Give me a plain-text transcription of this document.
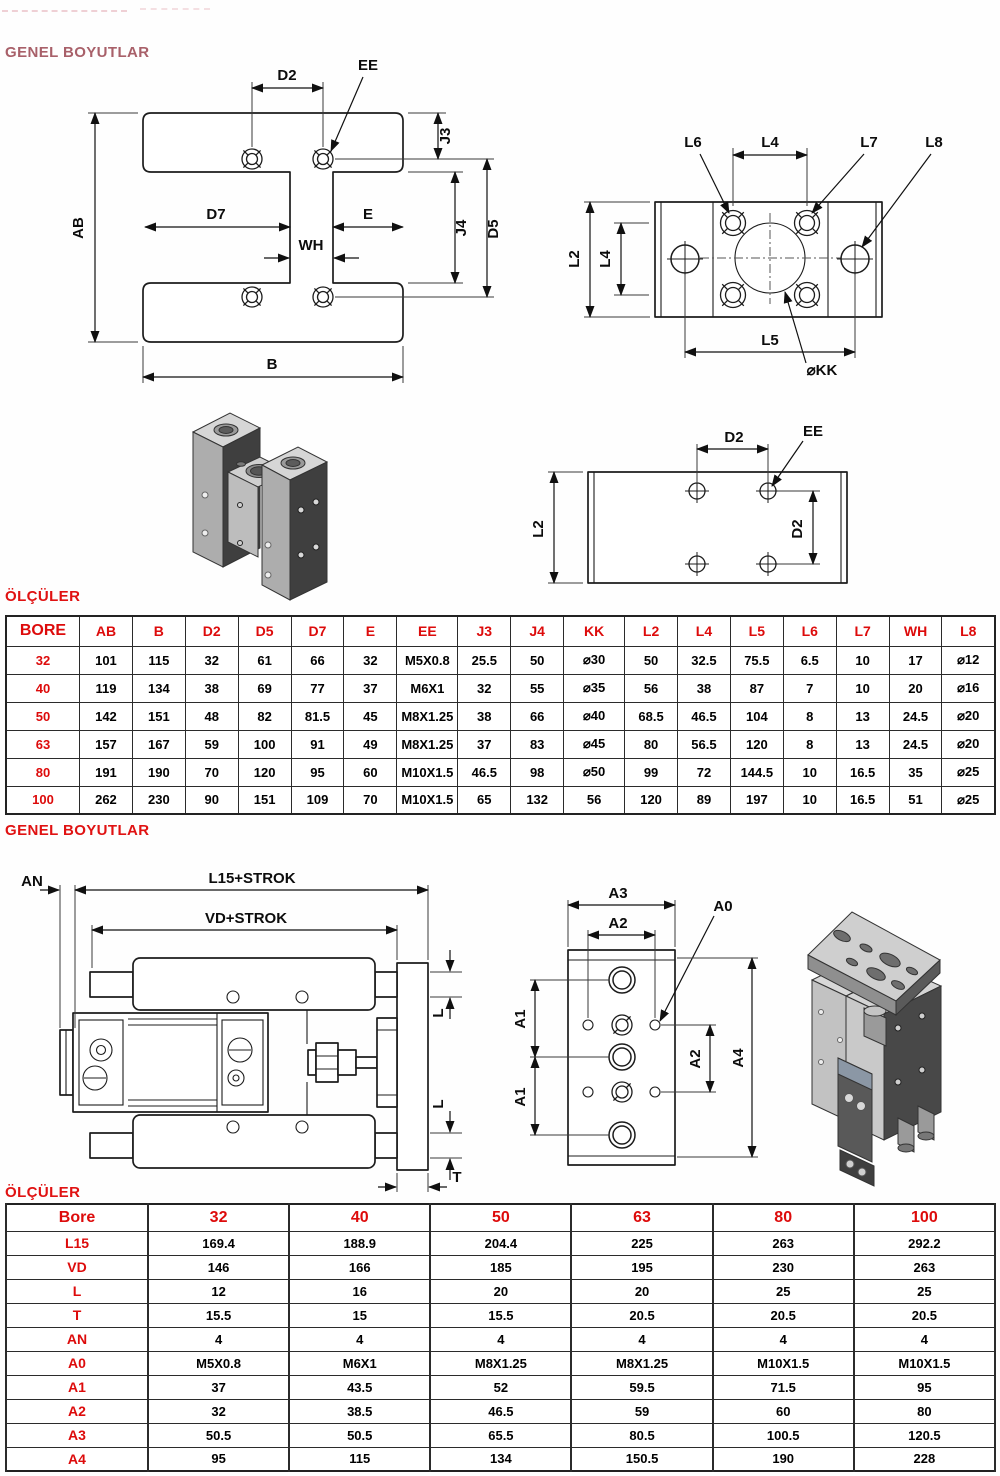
GENEL BOYUTLAR
ÖLÇÜLER
GENEL BOYUTLAR
ÖLÇÜLER
D2
EE
AB
J3
J4 D5
D7	E
WH
B
L4
L6	L7	L8
L2 L4
L5
⌀KK
D2	EE
D2
L2
AN	L15+STROK
VD+STROK
L
L
T
A3
A2
A0
A1
A1
A2 A4
BORE	AB	B	D2	D5	D7	E	EE	J3	J4	KK	L2	L4	L5	L6	L7	WH	L8
32	101	115	32	61	66	32	M5X0.8	25.5	50	⌀30	50	32.5	75.5	6.5	10	17	⌀12
40	119	134	38	69	77	37	M6X1	32	55	⌀35	56	38	87	7	10	20	⌀16
50	142	151	48	82	81.5	45	M8X1.25	38	66	⌀40	68.5	46.5	104	8	13	24.5	⌀20
63	157	167	59	100	91	49	M8X1.25	37	83	⌀45	80	56.5	120	8	13	24.5	⌀20
80	191	190	70	120	95	60	M10X1.5	46.5	98	⌀50	99	72	144.5	10	16.5	35	⌀25
100	262	230	90	151	109	70	M10X1.5	65	132	56	120	89	197	10	16.5	51	⌀25
Bore	32	40	50	63	80	100
L15	169.4	188.9	204.4	225	263	292.2
VD	146	166	185	195	230	263
L	12	16	20	20	25	25
T	15.5	15	15.5	20.5	20.5	20.5
AN	4	4	4	4	4	4
A0	M5X0.8	M6X1	M8X1.25	M8X1.25	M10X1.5	M10X1.5
A1	37	43.5	52	59.5	71.5	95
A2	32	38.5	46.5	59	60	80
A3	50.5	50.5	65.5	80.5	100.5	120.5
A4	95	115	134	150.5	190	228
